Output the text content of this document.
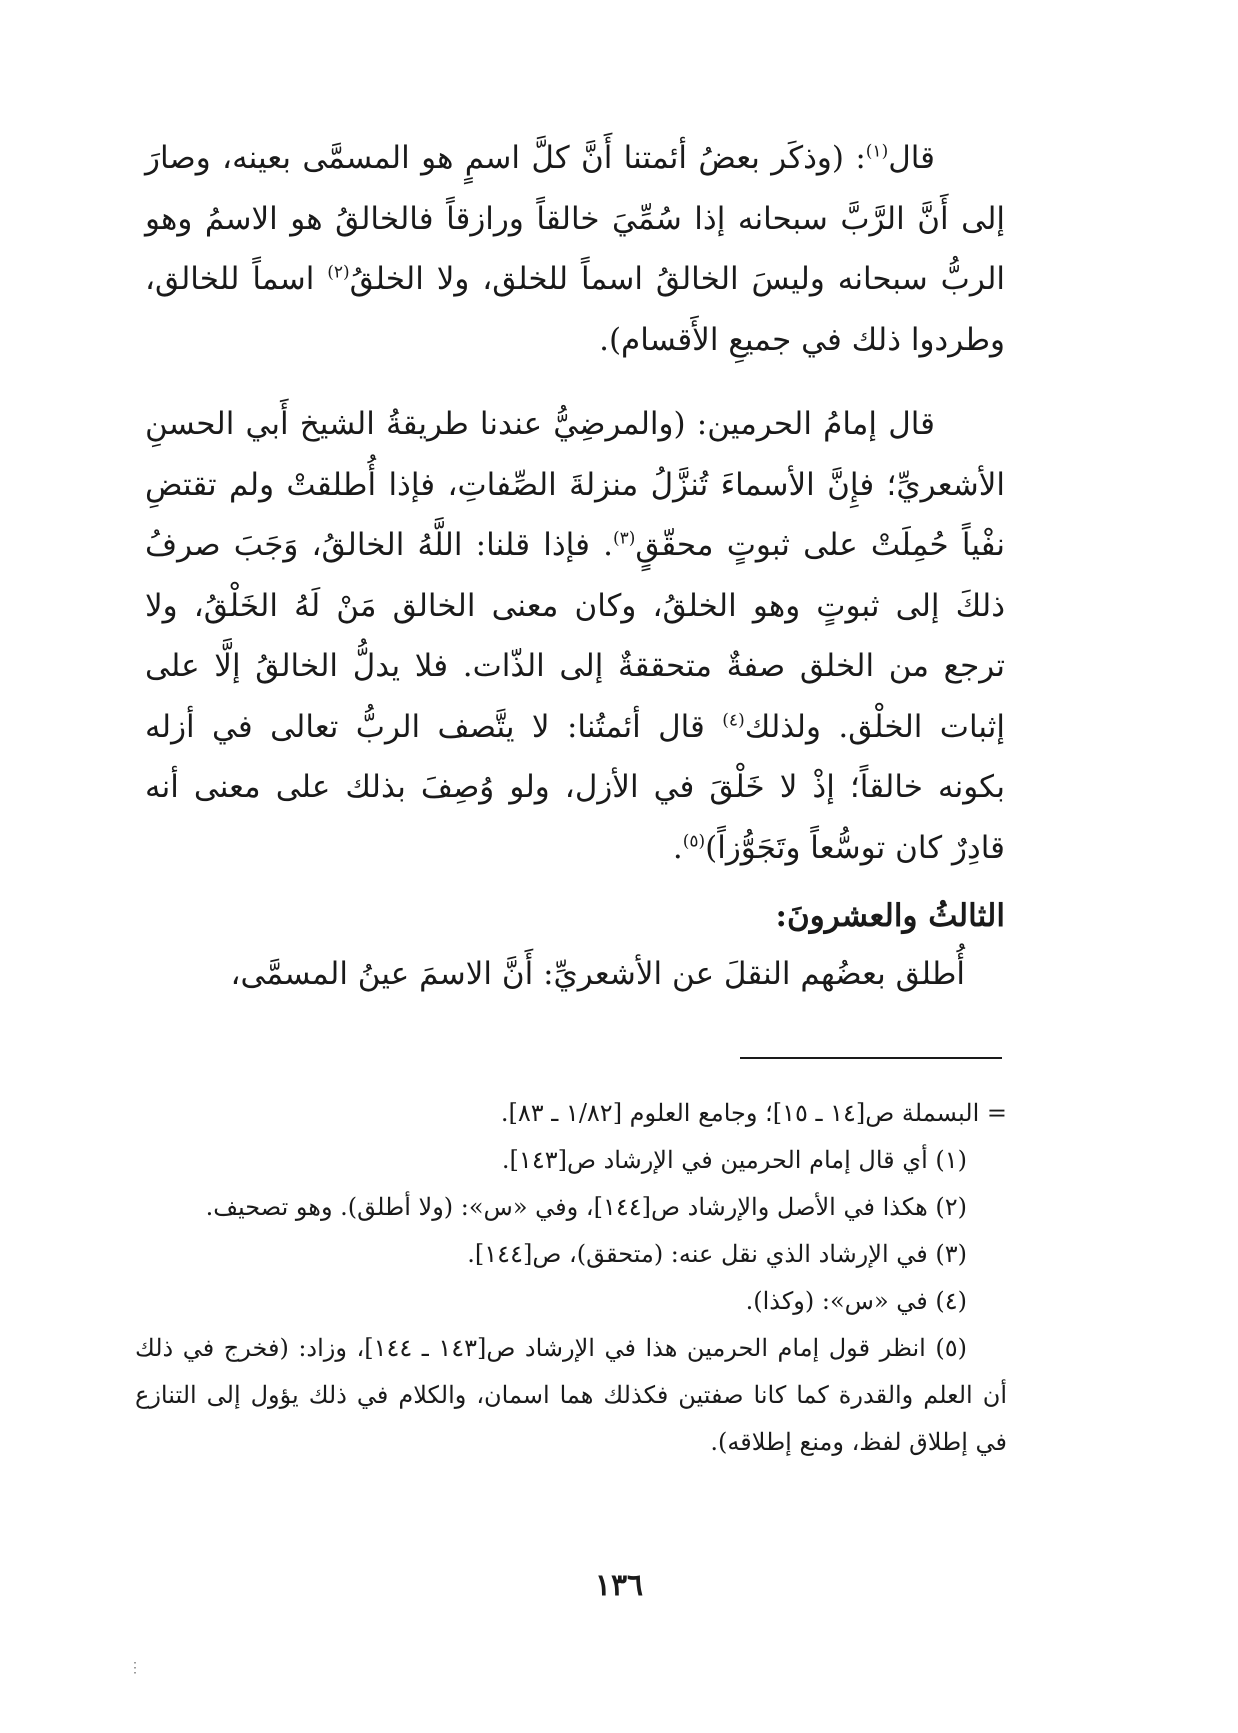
قال$^{(١)}$: (وذكَر بعضُ أئمتنا أَنَّ كلَّ اسمٍ هو المسمَّى بعينه، وصارَ إلى أَنَّ الرَّبَّ سبحانه إذا سُمِّيَ خالقاً ورازقاً فالخالقُ هو الاسمُ وهو الربُّ سبحانه وليسَ الخالقُ اسماً للخلق، ولا الخلقُ$^{(٢)}$ اسماً للخالق، وطردوا ذلك في جميعِ الأَقسام).

قال إمامُ الحرمين: (والمرضِيُّ عندنا طريقةُ الشيخ أَبي الحسنِ الأشعريِّ؛ فإِنَّ الأسماءَ تُنزَّلُ منزلةَ الصِّفاتِ، فإذا أُطلقتْ ولم تقتضِ نفْياً حُمِلَتْ على ثبوتٍ محقّقٍ$^{(٣)}$. فإذا قلنا: اللَّهُ الخالقُ، وَجَبَ صرفُ ذلكَ إلى ثبوتٍ وهو الخلقُ، وكان معنى الخالق مَنْ لَهُ الخَلْقُ، ولا ترجع من الخلق صفةٌ متحققةٌ إلى الذّات. فلا يدلُّ الخالقُ إلَّا على إثبات الخلْق. ولذلك$^{(٤)}$ قال أئمتُنا: لا يتَّصف الربُّ تعالى في أزله بكونه خالقاً؛ إذْ لا خَلْقَ في الأزل، ولو وُصِفَ بذلك على معنى أنه قادِرٌ كان توسُّعاً وتَجَوُّزاً)$^{(٥)}$.

الثالثُ والعشرونَ:

أُطلق بعضُهم النقلَ عن الأشعريِّ: أَنَّ الاسمَ عينُ المسمَّى،

= البسملة ص[١٤ ـ ١٥]؛ وجامع العلوم [١/٨٢ ـ ٨٣].

(١) أي قال إمام الحرمين في الإرشاد ص[١٤٣].

(٢) هكذا في الأصل والإرشاد ص[١٤٤]، وفي «س»: (ولا أطلق). وهو تصحيف.

(٣) في الإرشاد الذي نقل عنه: (متحقق)، ص[١٤٤].

(٤) في «س»: (وكذا).

(٥) انظر قول إمام الحرمين هذا في الإرشاد ص[١٤٣ ـ ١٤٤]، وزاد: (فخرج في ذلك أن العلم والقدرة كما كانا صفتين فكذلك هما اسمان، والكلام في ذلك يؤول إلى التنازع في إطلاق لفظ، ومنع إطلاقه).

١٣٦
⋮
